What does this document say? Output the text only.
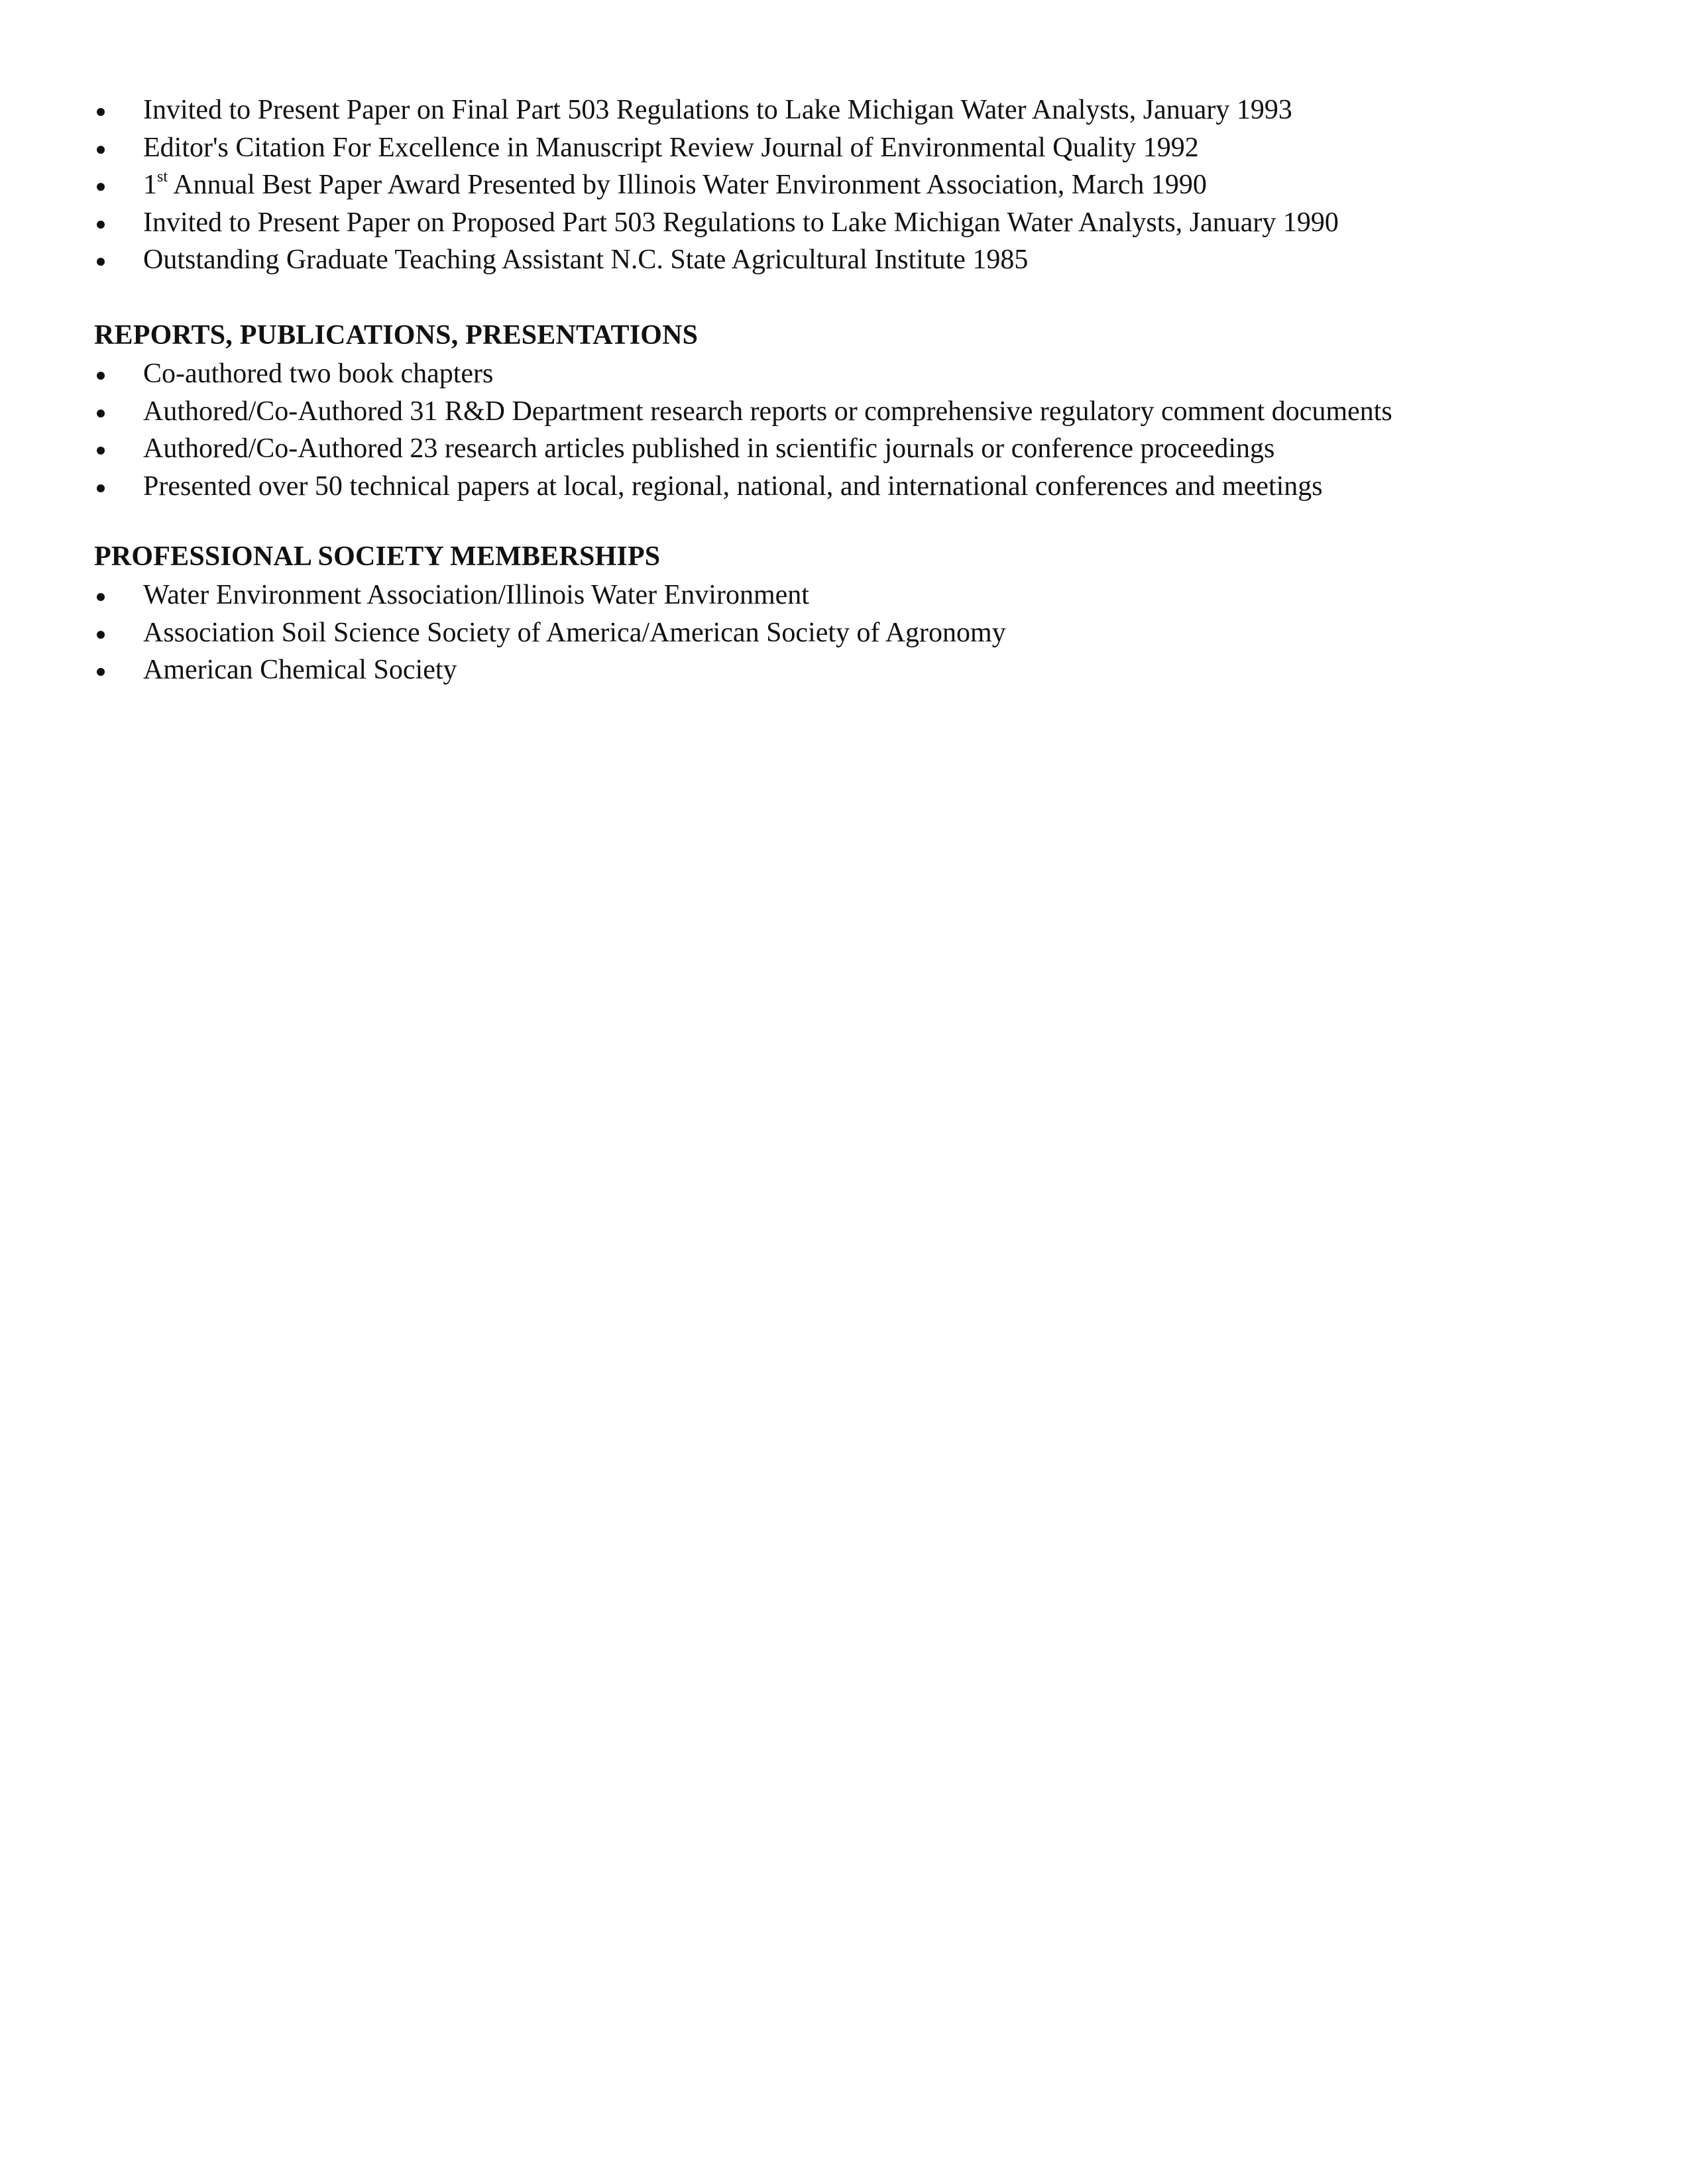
Invited to Present Paper on Final Part 503 Regulations to Lake Michigan Water Analysts, January 1993
Editor's Citation For Excellence in Manuscript Review Journal of Environmental Quality 1992
1st Annual Best Paper Award Presented by Illinois Water Environment Association, March 1990
Invited to Present Paper on Proposed Part 503 Regulations to Lake Michigan Water Analysts, January 1990
Outstanding Graduate Teaching Assistant N.C. State Agricultural Institute 1985
REPORTS, PUBLICATIONS, PRESENTATIONS
Co-authored two book chapters
Authored/Co-Authored 31 R&D Department research reports or comprehensive regulatory comment documents
Authored/Co-Authored 23 research articles published in scientific journals or conference proceedings
Presented over 50 technical papers at local, regional, national, and international conferences and meetings
PROFESSIONAL SOCIETY MEMBERSHIPS
Water Environment Association/Illinois Water Environment
Association Soil Science Society of America/American Society of Agronomy
American Chemical Society
